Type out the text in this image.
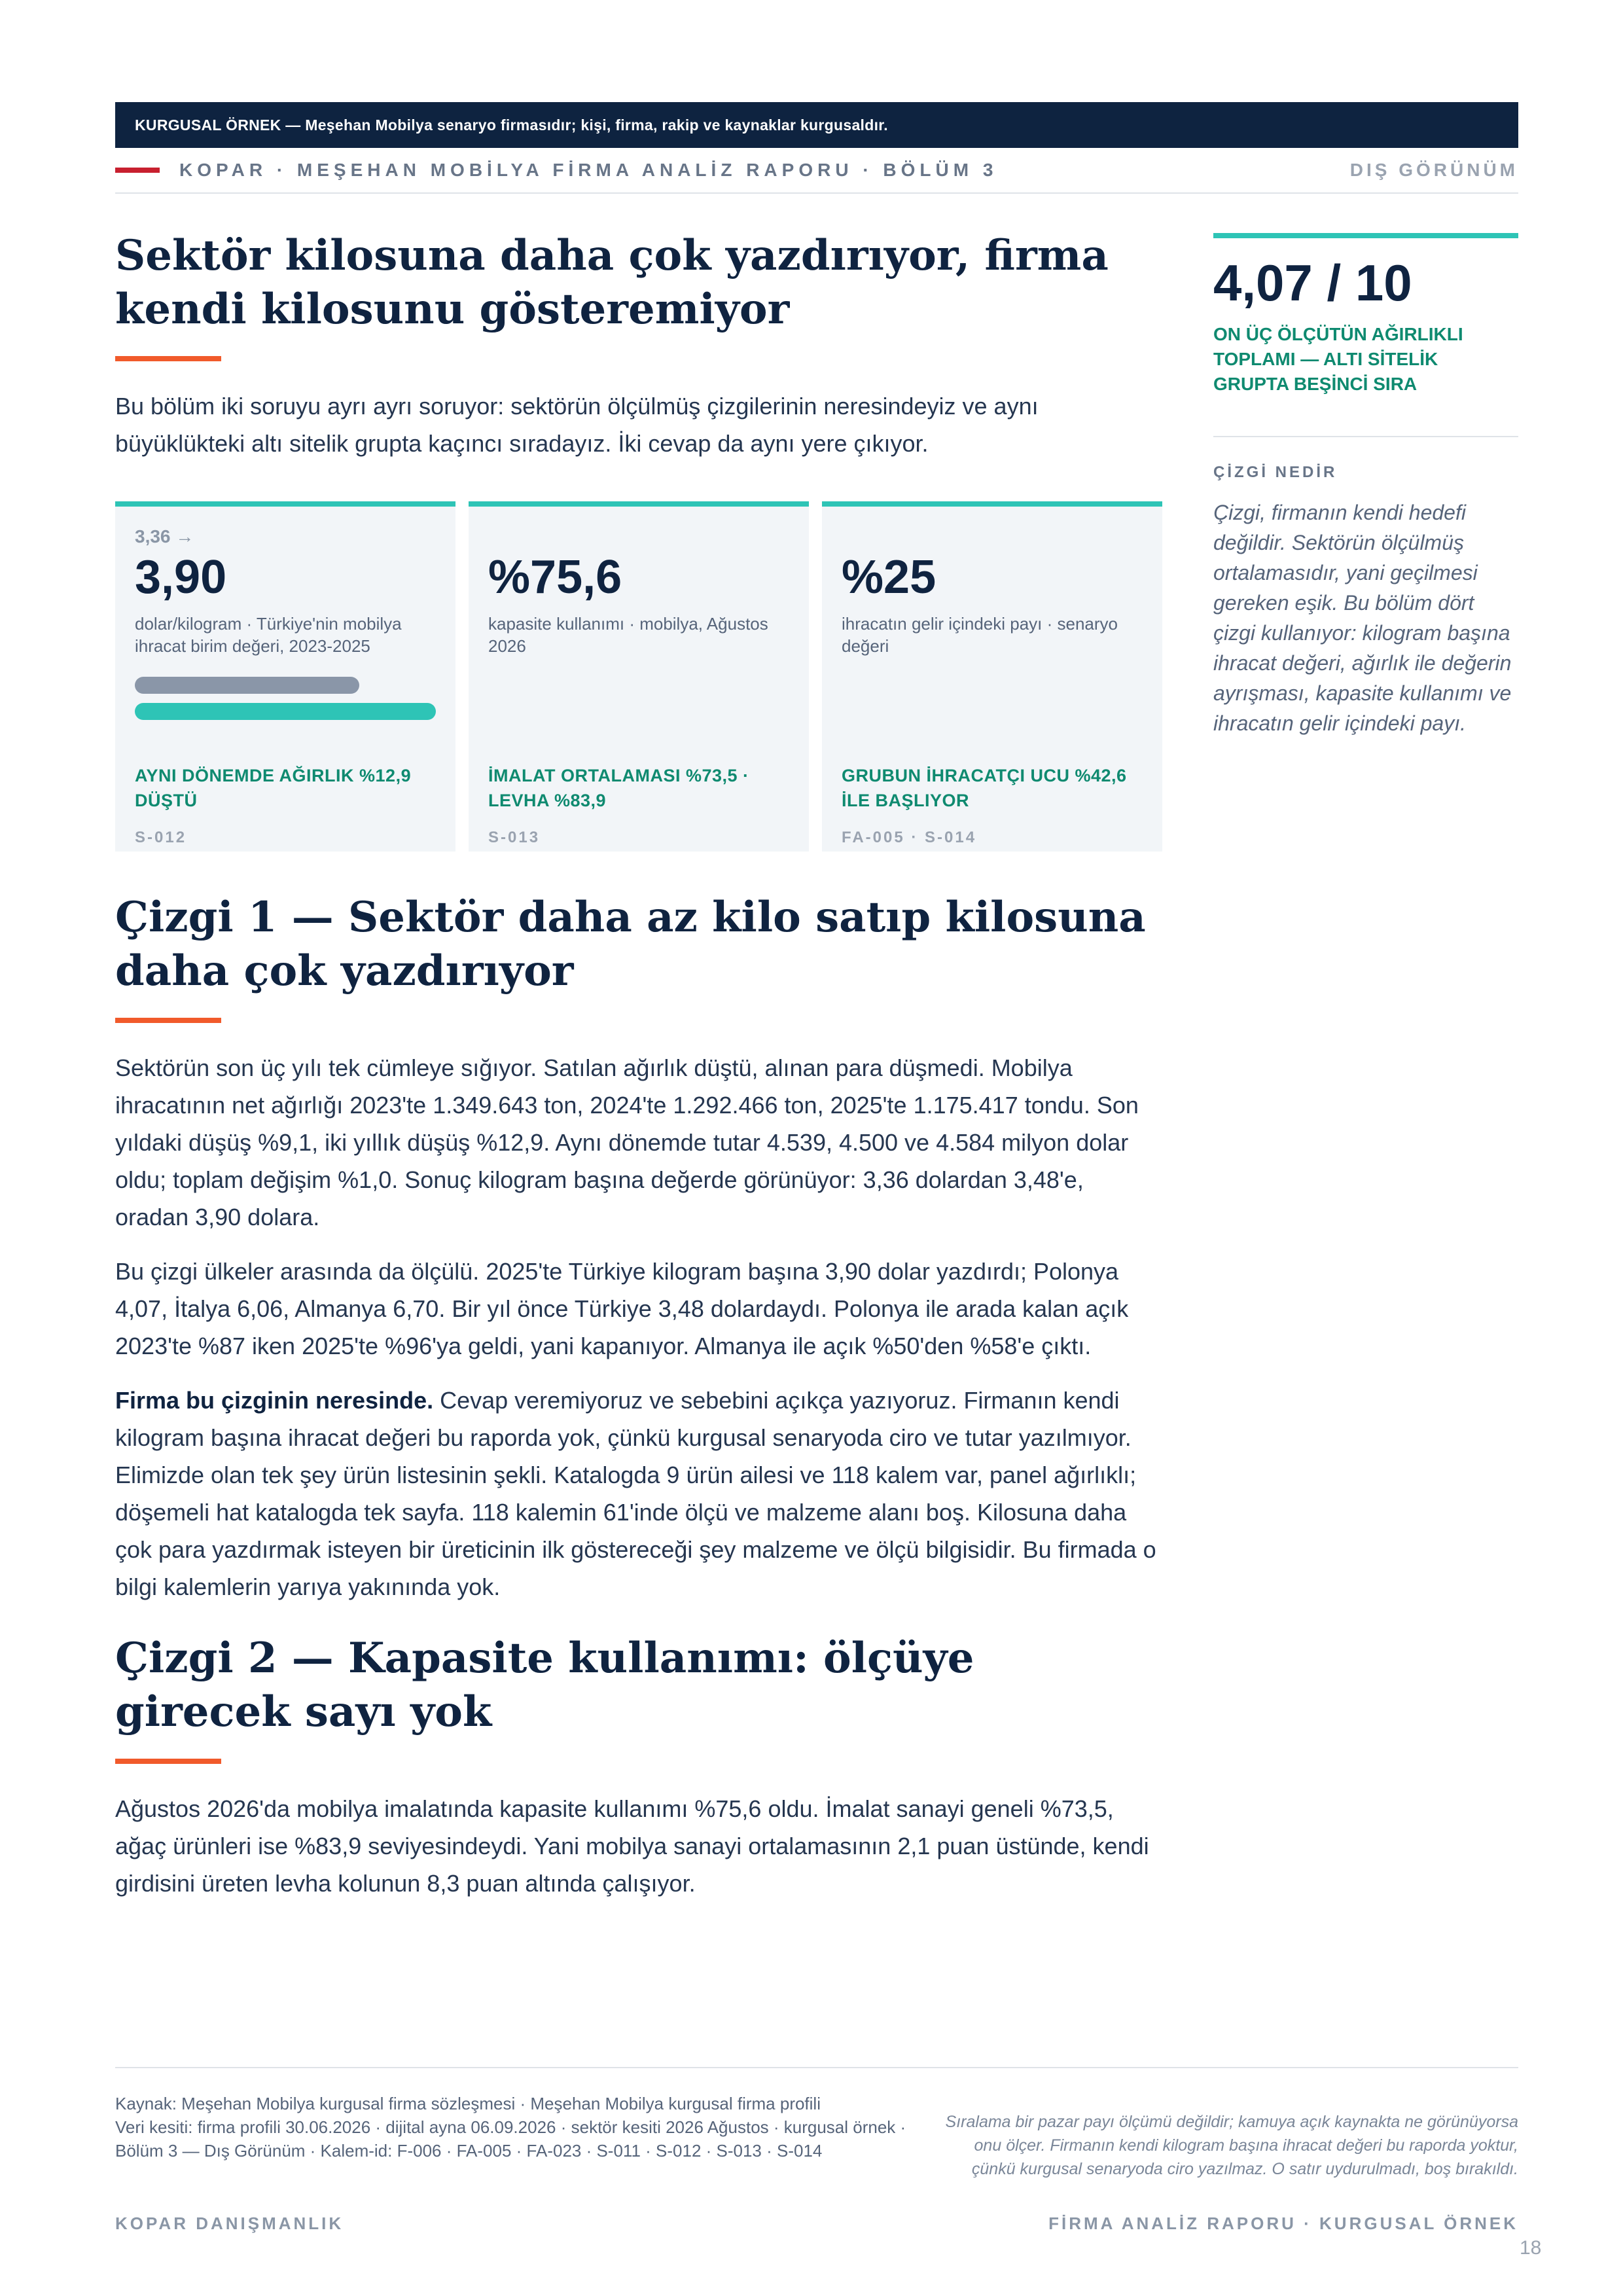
KURGUSAL ÖRNEK — Meşehan Mobilya senaryo firmasıdır; kişi, firma, rakip ve kaynaklar kurgusaldır.
KOPAR · MEŞEHAN MOBİLYA FİRMA ANALİZ RAPORU · BÖLÜM 3	DIŞ GÖRÜNÜM
Sektör kilosuna daha çok yazdırıyor, firma kendi kilosunu gösteremiyor

Bu bölüm iki soruyu ayrı ayrı soruyor: sektörün ölçülmüş çizgilerinin neresindeyiz ve aynı büyüklükteki altı sitelik grupta kaçıncı sıradayız. İki cevap da aynı yere çıkıyor.

3,36 →
3,90
dolar/kilogram · Türkiye'nin mobilya ihracat birim değeri, 2023-2025
AYNI DÖNEMDE AĞIRLIK %12,9 DÜŞTÜ
S-012
%75,6
kapasite kullanımı · mobilya, Ağustos 2026
İMALAT ORTALAMASI %73,5 · LEVHA %83,9
S-013
%25
ihracatın gelir içindeki payı · senaryo değeri
GRUBUN İHRACATÇI UCU %42,6 İLE BAŞLIYOR
FA-005 · S-014
Çizgi 1 — Sektör daha az kilo satıp kilosuna daha çok yazdırıyor

Sektörün son üç yılı tek cümleye sığıyor. Satılan ağırlık düştü, alınan para düşmedi. Mobilya ihracatının net ağırlığı 2023'te 1.349.643 ton, 2024'te 1.292.466 ton, 2025'te 1.175.417 tondu. Son yıldaki düşüş %9,1, iki yıllık düşüş %12,9. Aynı dönemde tutar 4.539, 4.500 ve 4.584 milyon dolar oldu; toplam değişim %1,0. Sonuç kilogram başına değerde görünüyor: 3,36 dolardan 3,48'e, oradan 3,90 dolara.

Bu çizgi ülkeler arasında da ölçülü. 2025'te Türkiye kilogram başına 3,90 dolar yazdırdı; Polonya 4,07, İtalya 6,06, Almanya 6,70. Bir yıl önce Türkiye 3,48 dolardaydı. Polonya ile arada kalan açık 2023'te %87 iken 2025'te %96'ya geldi, yani kapanıyor. Almanya ile açık %50'den %58'e çıktı.

Firma bu çizginin neresinde. Cevap veremiyoruz ve sebebini açıkça yazıyoruz. Firmanın kendi kilogram başına ihracat değeri bu raporda yok, çünkü kurgusal senaryoda ciro ve tutar yazılmıyor. Elimizde olan tek şey ürün listesinin şekli. Katalogda 9 ürün ailesi ve 118 kalem var, panel ağırlıklı; döşemeli hat katalogda tek sayfa. 118 kalemin 61'inde ölçü ve malzeme alanı boş. Kilosuna daha çok para yazdırmak isteyen bir üreticinin ilk göstereceği şey malzeme ve ölçü bilgisidir. Bu firmada o bilgi kalemlerin yarıya yakınında yok.

Çizgi 2 — Kapasite kullanımı: ölçüye girecek sayı yok

Ağustos 2026'da mobilya imalatında kapasite kullanımı %75,6 oldu. İmalat sanayi geneli %73,5, ağaç ürünleri ise %83,9 seviyesindeydi. Yani mobilya sanayi ortalamasının 2,1 puan üstünde, kendi girdisini üreten levha kolunun 8,3 puan altında çalışıyor.

4,07 / 10
ON ÜÇ ÖLÇÜTÜN AĞIRLIKLI TOPLAMI — ALTI SİTELİK GRUPTA BEŞİNCİ SIRA
ÇİZGİ NEDİR

Çizgi, firmanın kendi hedefi değildir. Sektörün ölçülmüş ortalamasıdır, yani geçilmesi gereken eşik. Bu bölüm dört çizgi kullanıyor: kilogram başına ihracat değeri, ağırlık ile değerin ayrışması, kapasite kullanımı ve ihracatın gelir içindeki payı.

Kaynak: Meşehan Mobilya kurgusal firma sözleşmesi · Meşehan Mobilya kurgusal firma profili
Veri kesiti: firma profili 30.06.2026 · dijital ayna 06.09.2026 · sektör kesiti 2026 Ağustos · kurgusal örnek · Bölüm 3 — Dış Görünüm · Kalem-id: F-006 · FA-005 · FA-023 · S-011 · S-012 · S-013 · S-014
Sıralama bir pazar payı ölçümü değildir; kamuya açık kaynakta ne görünüyorsa onu ölçer. Firmanın kendi kilogram başına ihracat değeri bu raporda yoktur, çünkü kurgusal senaryoda ciro yazılmaz. O satır uydurulmadı, boş bırakıldı.
KOPAR DANIŞMANLIK	FİRMA ANALİZ RAPORU · KURGUSAL ÖRNEK
18
